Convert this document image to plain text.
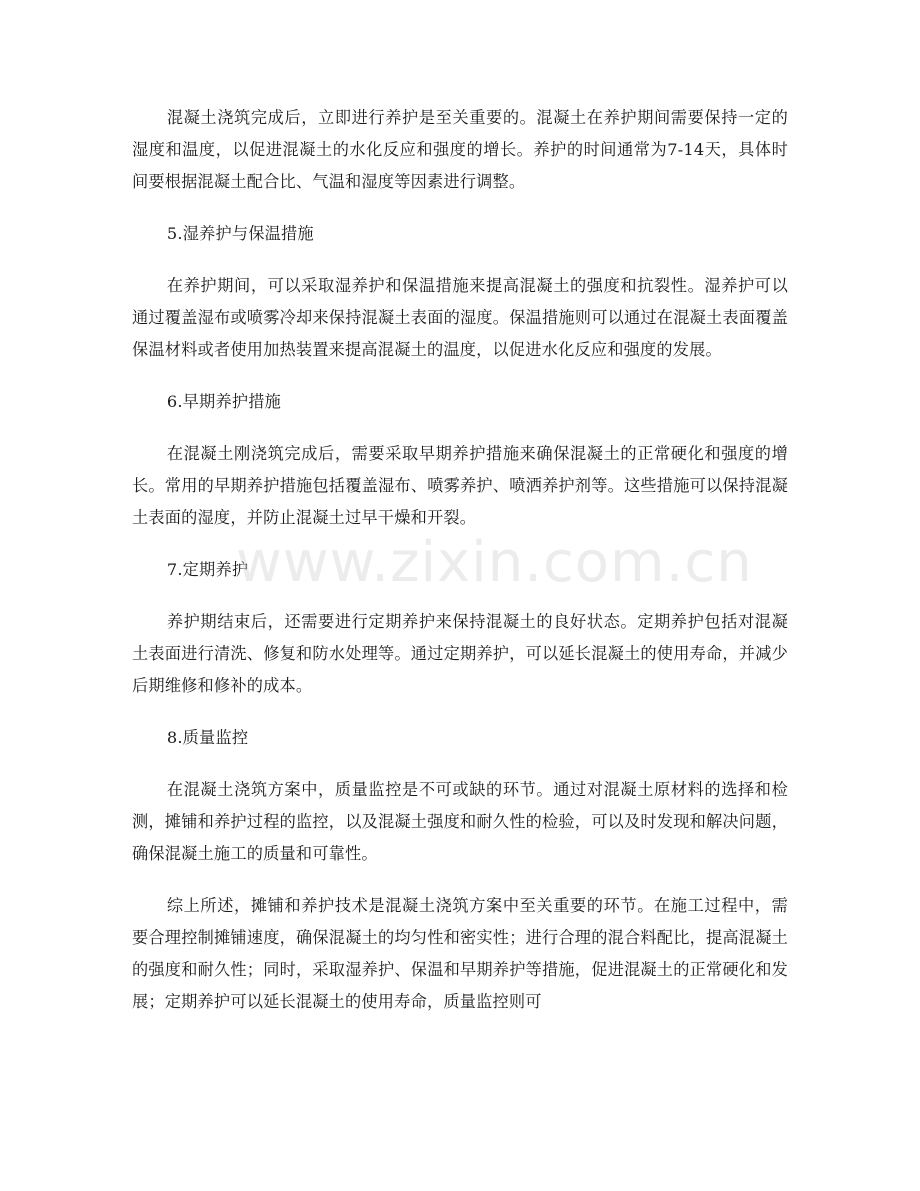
混凝土浇筑完成后，立即进行养护是至关重要的。混凝土在养护期间需要保持一定的湿度和温度，以促进混凝土的水化反应和强度的增长。养护的时间通常为7-14天，具体时间要根据混凝土配合比、气温和湿度等因素进行调整。

5.湿养护与保温措施

在养护期间，可以采取湿养护和保温措施来提高混凝土的强度和抗裂性。湿养护可以通过覆盖湿布或喷雾冷却来保持混凝土表面的湿度。保温措施则可以通过在混凝土表面覆盖保温材料或者使用加热装置来提高混凝土的温度，以促进水化反应和强度的发展。

6.早期养护措施

在混凝土刚浇筑完成后，需要采取早期养护措施来确保混凝土的正常硬化和强度的增长。常用的早期养护措施包括覆盖湿布、喷雾养护、喷洒养护剂等。这些措施可以保持混凝土表面的湿度，并防止混凝土过早干燥和开裂。

7.定期养护

养护期结束后，还需要进行定期养护来保持混凝土的良好状态。定期养护包括对混凝土表面进行清洗、修复和防水处理等。通过定期养护，可以延长混凝土的使用寿命，并减少后期维修和修补的成本。

8.质量监控

在混凝土浇筑方案中，质量监控是不可或缺的环节。通过对混凝土原材料的选择和检测，摊铺和养护过程的监控，以及混凝土强度和耐久性的检验，可以及时发现和解决问题，确保混凝土施工的质量和可靠性。

综上所述，摊铺和养护技术是混凝土浇筑方案中至关重要的环节。在施工过程中，需要合理控制摊铺速度，确保混凝土的均匀性和密实性；进行合理的混合料配比，提高混凝土的强度和耐久性；同时，采取湿养护、保温和早期养护等措施，促进混凝土的正常硬化和发展；定期养护可以延长混凝土的使用寿命，质量监控则可

www.zixin.com.cn
